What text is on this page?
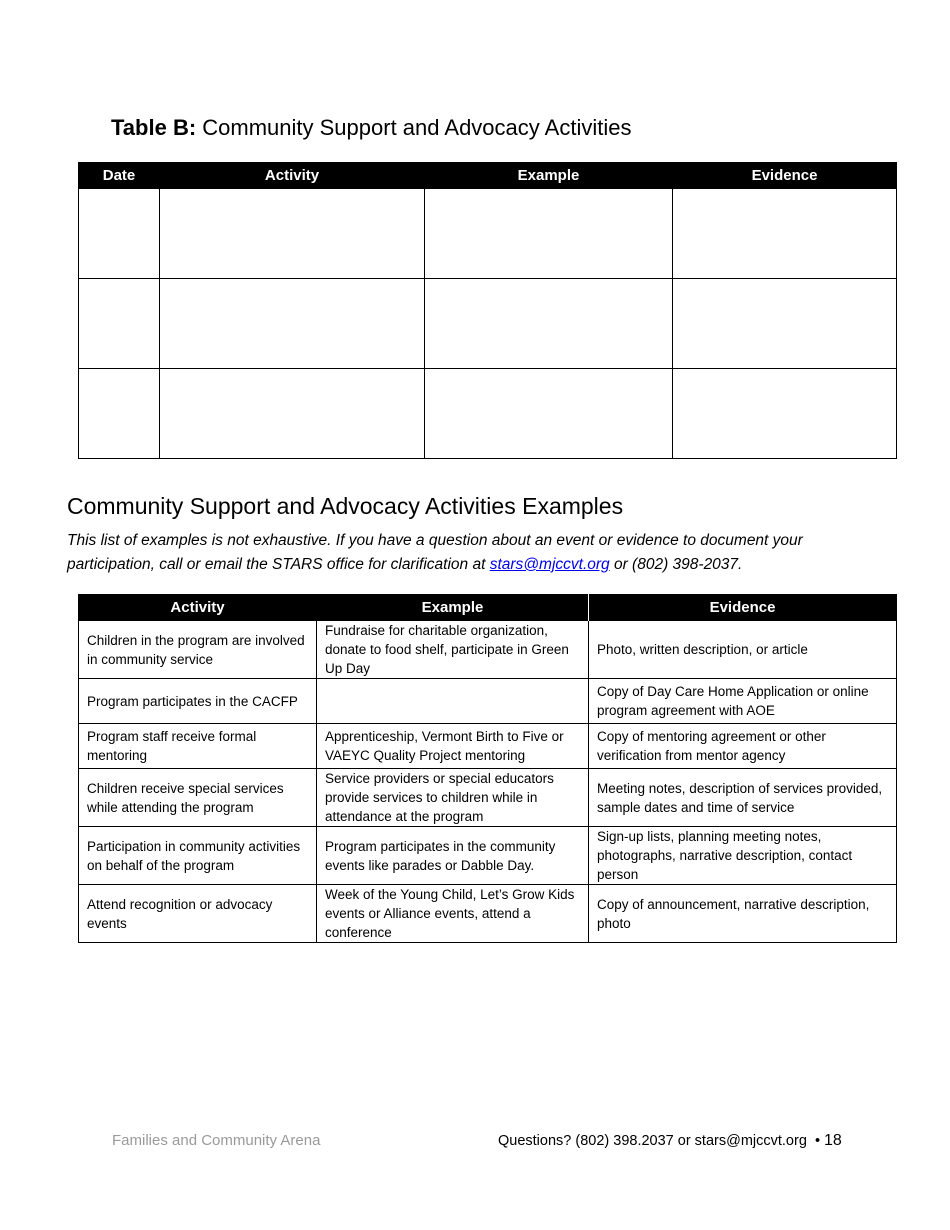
Table B: Community Support and Advocacy Activities
Date	Activity	Example	Evidence

Community Support and Advocacy Activities Examples
This list of examples is not exhaustive. If you have a question about an event or evidence to document your participation, call or email the STARS office for clarification at stars@mjccvt.org or (802) 398-2037.
Activity	Example	Evidence
Children in the program are involved in community service	Fundraise for charitable organization, donate to food shelf, participate in Green Up Day	Photo, written description, or article
Program participates in the CACFP		Copy of Day Care Home Application or online program agreement with AOE
Program staff receive formal mentoring	Apprenticeship, Vermont Birth to Five or VAEYC Quality Project mentoring	Copy of mentoring agreement or other verification from mentor agency
Children receive special services while attending the program	Service providers or special educators provide services to children while in attendance at the program	Meeting notes, description of services provided, sample dates and time of service
Participation in community activities on behalf of the program	Program participates in the community events like parades or Dabble Day.	Sign-up lists, planning meeting notes, photographs, narrative description, contact person
Attend recognition or advocacy events	Week of the Young Child, Let’s Grow Kids events or Alliance events, attend a conference	Copy of announcement, narrative description, photo
Families and Community Arena	Questions? (802) 398.2037 or stars@mjccvt.org  • 18
